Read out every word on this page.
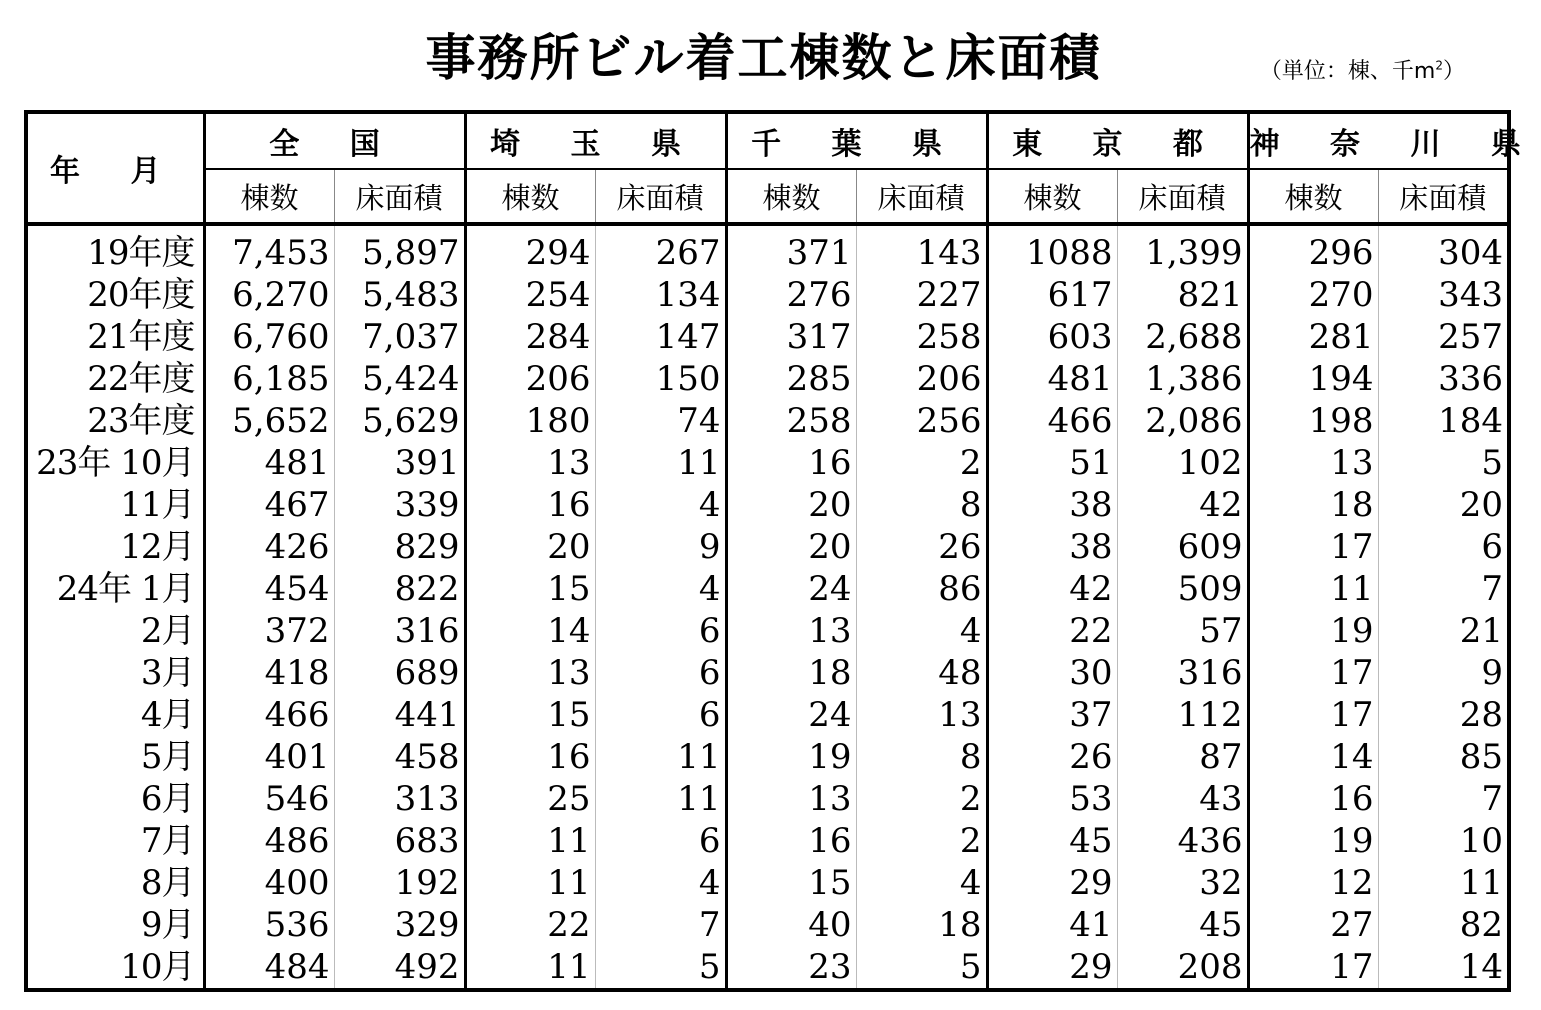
事務所ビル着工棟数と床面積	（単位：棟、千$m^2$）
年 月	全 国		埼 玉 県		千 葉 県		東 京 都		神 奈 川 県	
	棟数	床面積	棟数	床面積	棟数	床面積	棟数	床面積	棟数	床面積
19年度	7,453	5,897	294	267	371	143	1088	1,399	296	304
20年度	6,270	5,483	254	134	276	227	617	821	270	343
21年度	6,760	7,037	284	147	317	258	603	2,688	281	257
22年度	6,185	5,424	206	150	285	206	481	1,386	194	336
23年度	5,652	5,629	180	74	258	256	466	2,086	198	184
23年 10月	481	391	13	11	16	2	51	102	13	5
11月	467	339	16	4	20	8	38	42	18	20
12月	426	829	20	9	20	26	38	609	17	6
24年 1月	454	822	15	4	24	86	42	509	11	7
2月	372	316	14	6	13	4	22	57	19	21
3月	418	689	13	6	18	48	30	316	17	9
4月	466	441	15	6	24	13	37	112	17	28
5月	401	458	16	11	19	8	26	87	14	85
6月	546	313	25	11	13	2	53	43	16	7
7月	486	683	11	6	16	2	45	436	19	10
8月	400	192	11	4	15	4	29	32	12	11
9月	536	329	22	7	40	18	41	45	27	82
10月	484	492	11	5	23	5	29	208	17	14
